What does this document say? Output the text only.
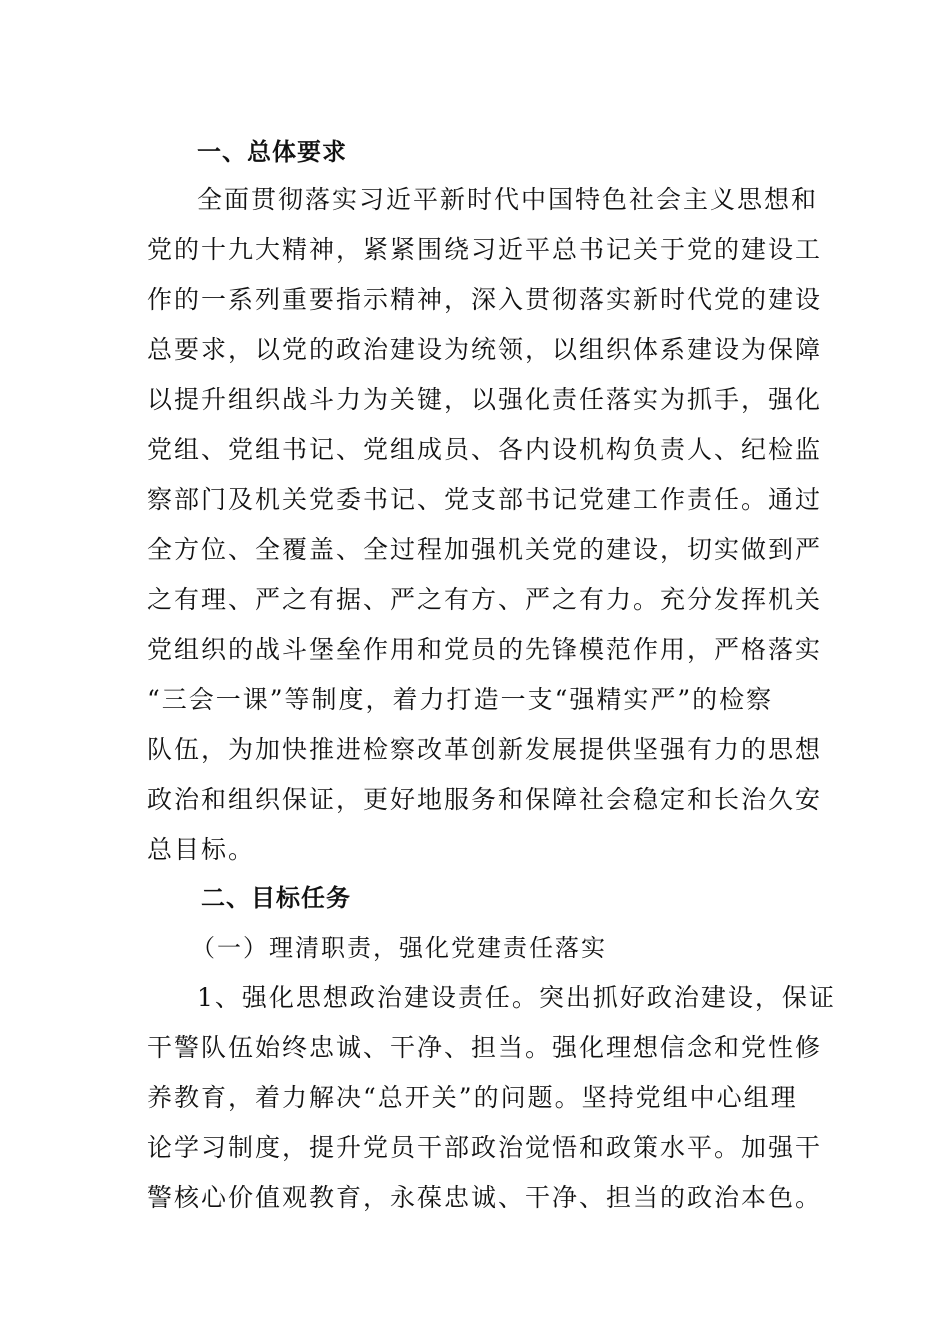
一、总体要求
全面贯彻落实习近平新时代中国特色社会主义思想和
党的十九大精神，紧紧围绕习近平总书记关于党的建设工
作的一系列重要指示精神，深入贯彻落实新时代党的建设
总要求，以党的政治建设为统领，以组织体系建设为保障
以提升组织战斗力为关键，以强化责任落实为抓手，强化
党组、党组书记、党组成员、各内设机构负责人、纪检监
察部门及机关党委书记、党支部书记党建工作责任。通过
全方位、全覆盖、全过程加强机关党的建设，切实做到严
之有理、严之有据、严之有方、严之有力。充分发挥机关
党组织的战斗堡垒作用和党员的先锋模范作用，严格落实
“三会一课”等制度，着力打造一支“强精实严”的检察
队伍，为加快推进检察改革创新发展提供坚强有力的思想
政治和组织保证，更好地服务和保障社会稳定和长治久安
总目标。
二、目标任务
（一）理清职责，强化党建责任落实
1、强化思想政治建设责任。突出抓好政治建设，保证
干警队伍始终忠诚、干净、担当。强化理想信念和党性修
养教育，着力解决“总开关”的问题。坚持党组中心组理
论学习制度，提升党员干部政治觉悟和政策水平。加强干
警核心价值观教育，永葆忠诚、干净、担当的政治本色。
